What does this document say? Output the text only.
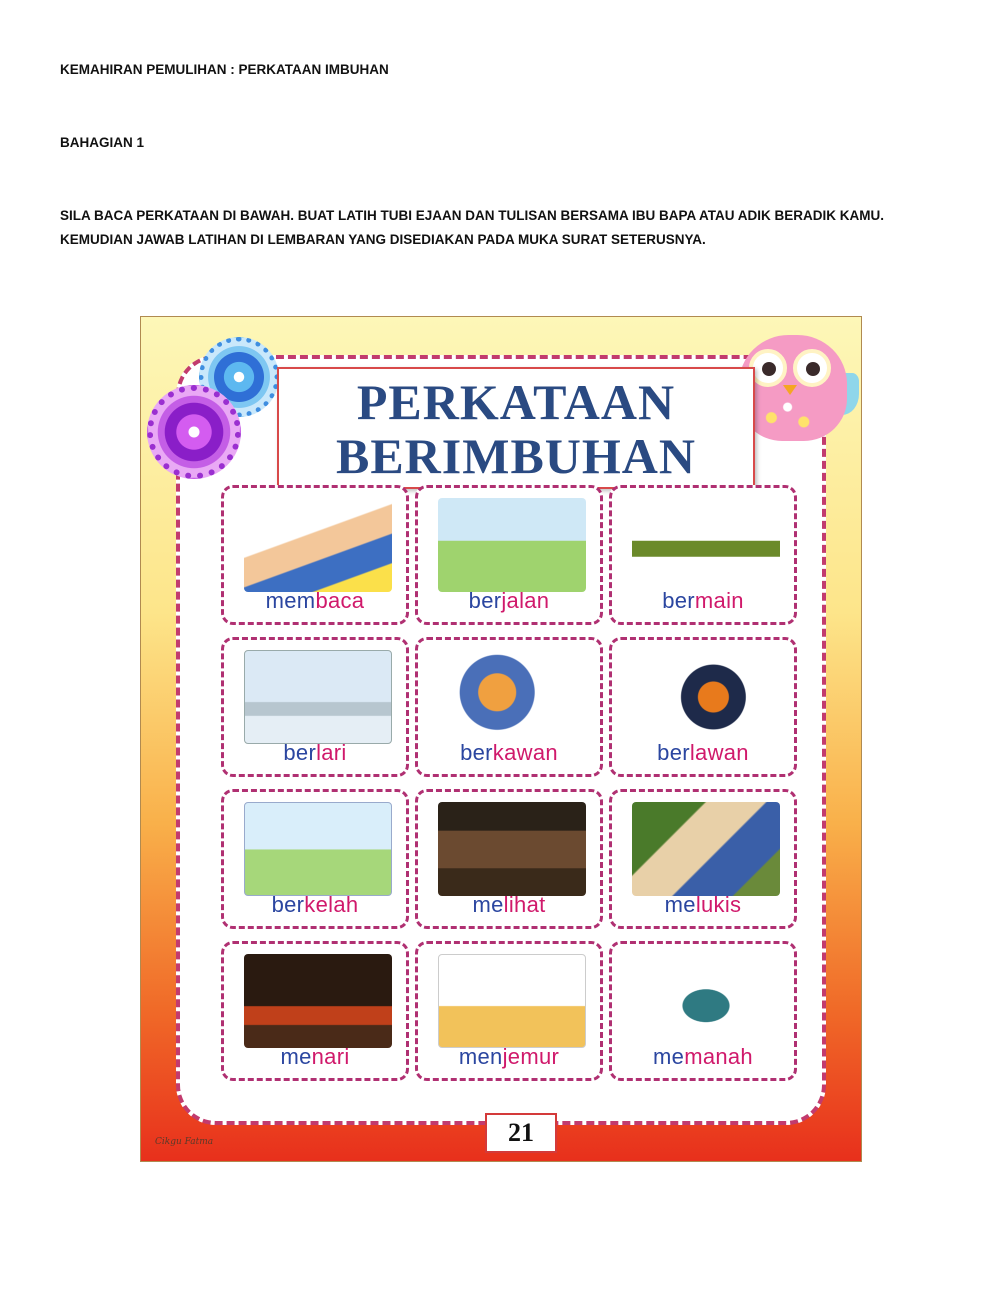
KEMAHIRAN PEMULIHAN : PERKATAAN IMBUHAN
BAHAGIAN 1
SILA BACA PERKATAAN DI BAWAH. BUAT LATIH TUBI EJAAN DAN TULISAN BERSAMA IBU BAPA ATAU ADIK BERADIK KAMU. KEMUDIAN JAWAB LATIHAN DI LEMBARAN YANG DISEDIAKAN PADA MUKA SURAT SETERUSNYA.
PERKATAAN
BERIMBUHAN
membaca	berjalan	bermain
berlari	berkawan	berlawan
berkelah	melihat	melukis
menari	menjemur	memanah
21
Cikgu Fatma
